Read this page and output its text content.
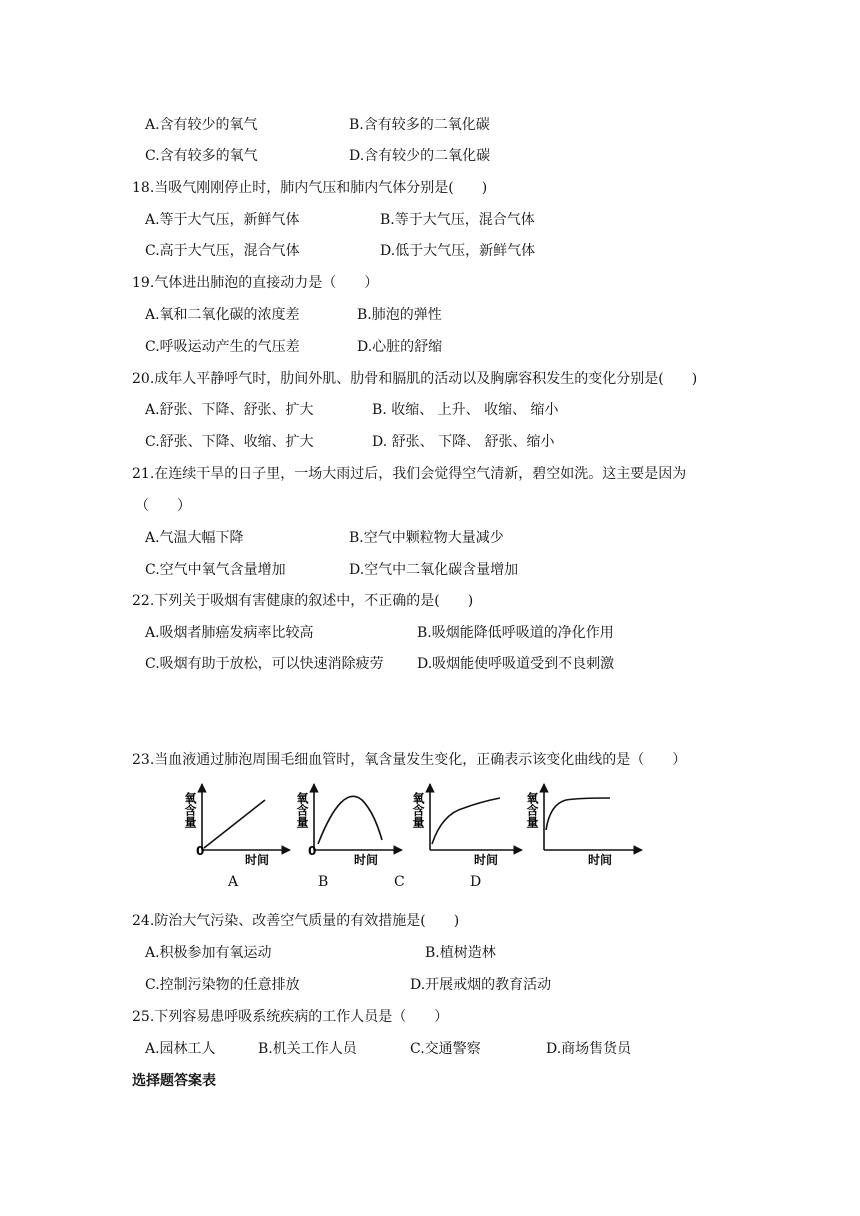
A.含有较少的氧气	B.含有较多的二氧化碳
C.含有较多的氧气	D.含有较少的二氧化碳
18.当吸气刚刚停止时，肺内气压和肺内气体分别是(　　)
A.等于大气压，新鲜气体	B.等于大气压，混合气体
C.高于大气压，混合气体	D.低于大气压，新鲜气体
19.气体进出肺泡的直接动力是（　　）
A.氧和二氧化碳的浓度差	B.肺泡的弹性
C.呼吸运动产生的气压差	D.心脏的舒缩
20.成年人平静呼气时，肋间外肌、肋骨和膈肌的活动以及胸廓容积发生的变化分别是(　　)
A.舒张、下降、舒张、扩大	B. 收缩、 上升、 收缩、 缩小
C.舒张、下降、收缩、扩大	D. 舒张、 下降、 舒张、缩小
21.在连续干旱的日子里，一场大雨过后，我们会觉得空气清新，碧空如洗。这主要是因为
（　　）
A.气温大幅下降	B.空气中颗粒物大量减少
C.空气中氧气含量增加	D.空气中二氧化碳含量增加
22.下列关于吸烟有害健康的叙述中，不正确的是(　　)
A.吸烟者肺癌发病率比较高	B.吸烟能降低呼吸道的净化作用
C.吸烟有助于放松，可以快速消除疲劳 D.吸烟能使呼吸道受到不良刺激
23.当血液通过肺泡周围毛细血管时，氧含量发生变化，正确表示该变化曲线的是（　　）
氧含量
0
时间
氧含量
0
时间
氧含量
时间
氧含量
时间
A	B	C	D
24.防治大气污染、改善空气质量的有效措施是(　　)
A.积极参加有氧运动	B.植树造林
C.控制污染物的任意排放	D.开展戒烟的教育活动
25.下列容易患呼吸系统疾病的工作人员是（　　）
A.园林工人	B.机关工作人员	C.交通警察	D.商场售货员
选择题答案表
